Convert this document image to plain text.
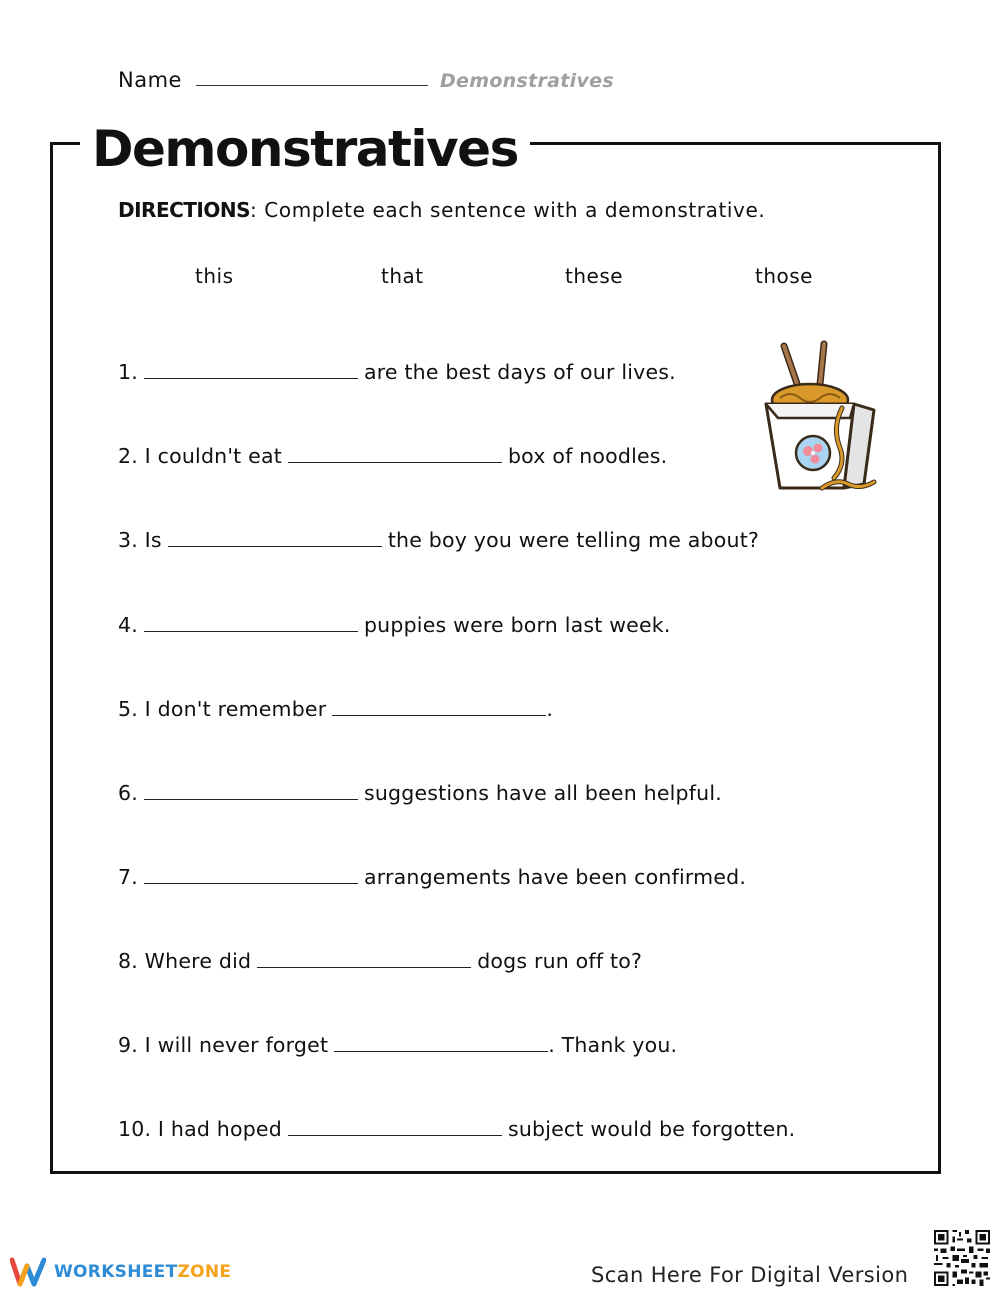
Name	Demonstratives
Demonstratives
DIRECTIONS: Complete each sentence with a demonstrative.
this	that	these	those
1.	are the best days of our lives.
2. I couldn't eat	box of noodles.
3. Is	the boy you were telling me about?
4.	puppies were born last week.
5. I don't remember	.
6.	suggestions have all been helpful.
7.	arrangements have been confirmed.
8. Where did	dogs run off to?
9. I will never forget	. Thank you.
10. I had hoped	subject would be forgotten.
WORKSHEETZONE	Scan Here For Digital Version
